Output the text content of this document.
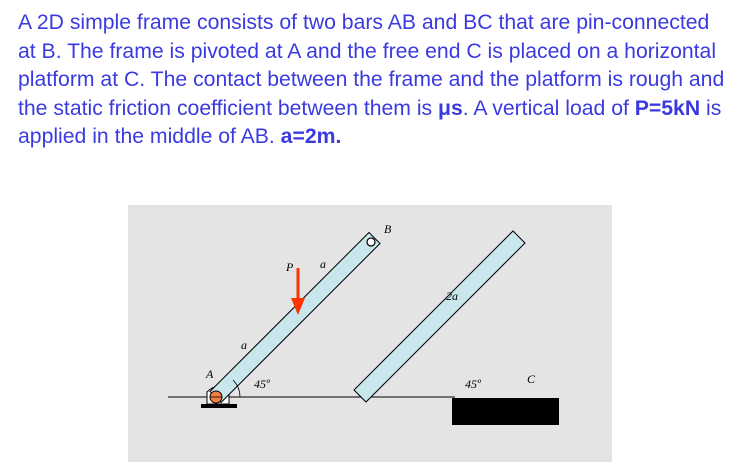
A 2D simple frame consists of two bars AB and BC that are pin-connected at B. The frame is pivoted at A and the free end C is placed on a horizontal platform at C. The contact between the frame and the platform is rough and the static friction coefficient between them is μs. A vertical load of P=5kN is applied in the middle of AB. a=2m.

A
B
C
P
a
a
2a
45º	45º
